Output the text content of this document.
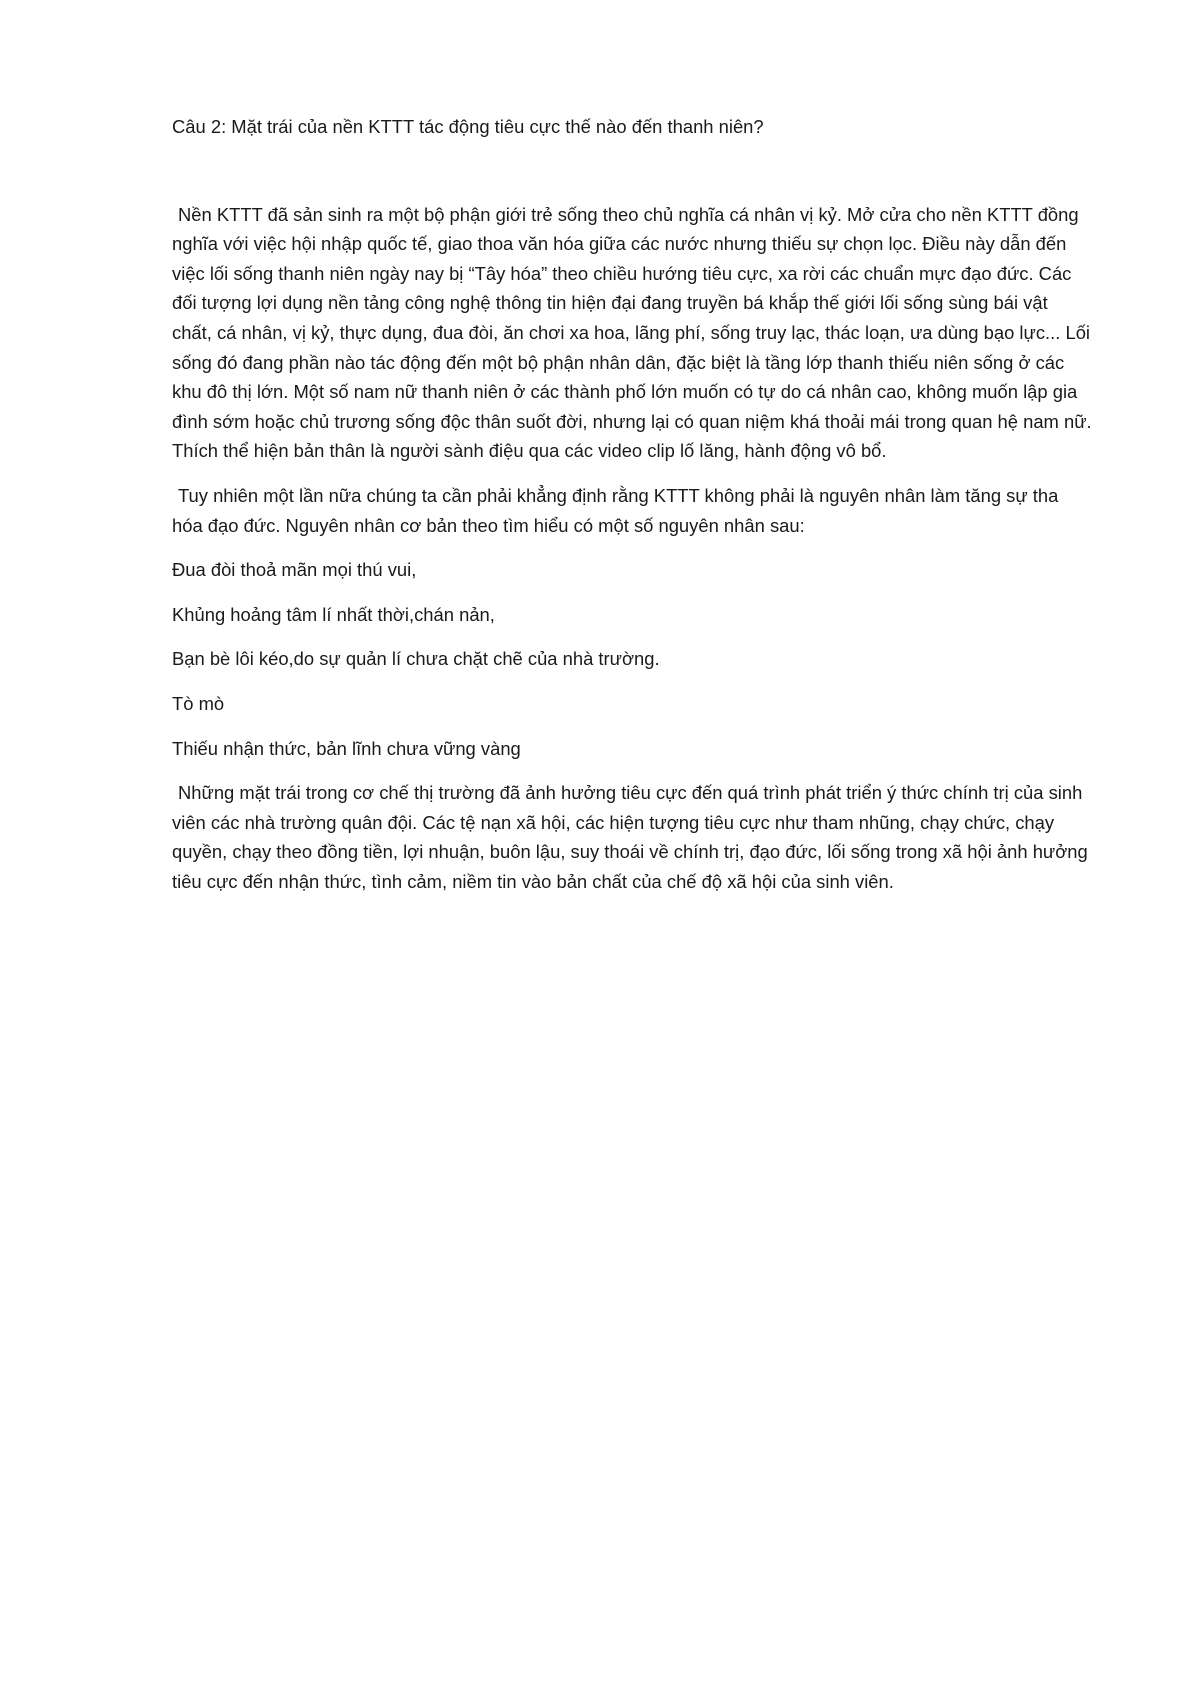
Câu 2: Mặt trái của nền KTTT tác động tiêu cực thế nào đến thanh niên?

Nền KTTT đã sản sinh ra một bộ phận giới trẻ sống theo chủ nghĩa cá nhân vị kỷ. Mở cửa cho nền KTTT đồng nghĩa với việc hội nhập quốc tế, giao thoa văn hóa giữa các nước nhưng thiếu sự chọn lọc. Điều này dẫn đến việc lối sống thanh niên ngày nay bị “Tây hóa” theo chiều hướng tiêu cực, xa rời các chuẩn mực đạo đức. Các đối tượng lợi dụng nền tảng công nghệ thông tin hiện đại đang truyền bá khắp thế giới lối sống sùng bái vật chất, cá nhân, vị kỷ, thực dụng, đua đòi, ăn chơi xa hoa, lãng phí, sống truy lạc, thác loạn, ưa dùng bạo lực... Lối sống đó đang phần nào tác động đến một bộ phận nhân dân, đặc biệt là tầng lớp thanh thiếu niên sống ở các khu đô thị lớn. Một số nam nữ thanh niên ở các thành phố lớn muốn có tự do cá nhân cao, không muốn lập gia đình sớm hoặc chủ trương sống độc thân suốt đời, nhưng lại có quan niệm khá thoải mái trong quan hệ nam nữ. Thích thể hiện bản thân là người sành điệu qua các video clip lố lăng, hành động vô bổ.

Tuy nhiên một lần nữa chúng ta cần phải khẳng định rằng KTTT không phải là nguyên nhân làm tăng sự tha hóa đạo đức. Nguyên nhân cơ bản theo tìm hiểu có một số nguyên nhân sau:

Đua đòi thoả mãn mọi thú vui,

Khủng hoảng tâm lí nhất thời,chán nản,

Bạn bè lôi kéo,do sự quản lí chưa chặt chẽ của nhà trường.

Tò mò

Thiếu nhận thức, bản lĩnh chưa vững vàng

Những mặt trái trong cơ chế thị trường đã ảnh hưởng tiêu cực đến quá trình phát triển ý thức chính trị của sinh viên các nhà trường quân đội. Các tệ nạn xã hội, các hiện tượng tiêu cực như tham nhũng, chạy chức, chạy quyền, chạy theo đồng tiền, lợi nhuận, buôn lậu, suy thoái về chính trị, đạo đức, lối sống trong xã hội ảnh hưởng tiêu cực đến nhận thức, tình cảm, niềm tin vào bản chất của chế độ xã hội của sinh viên.
